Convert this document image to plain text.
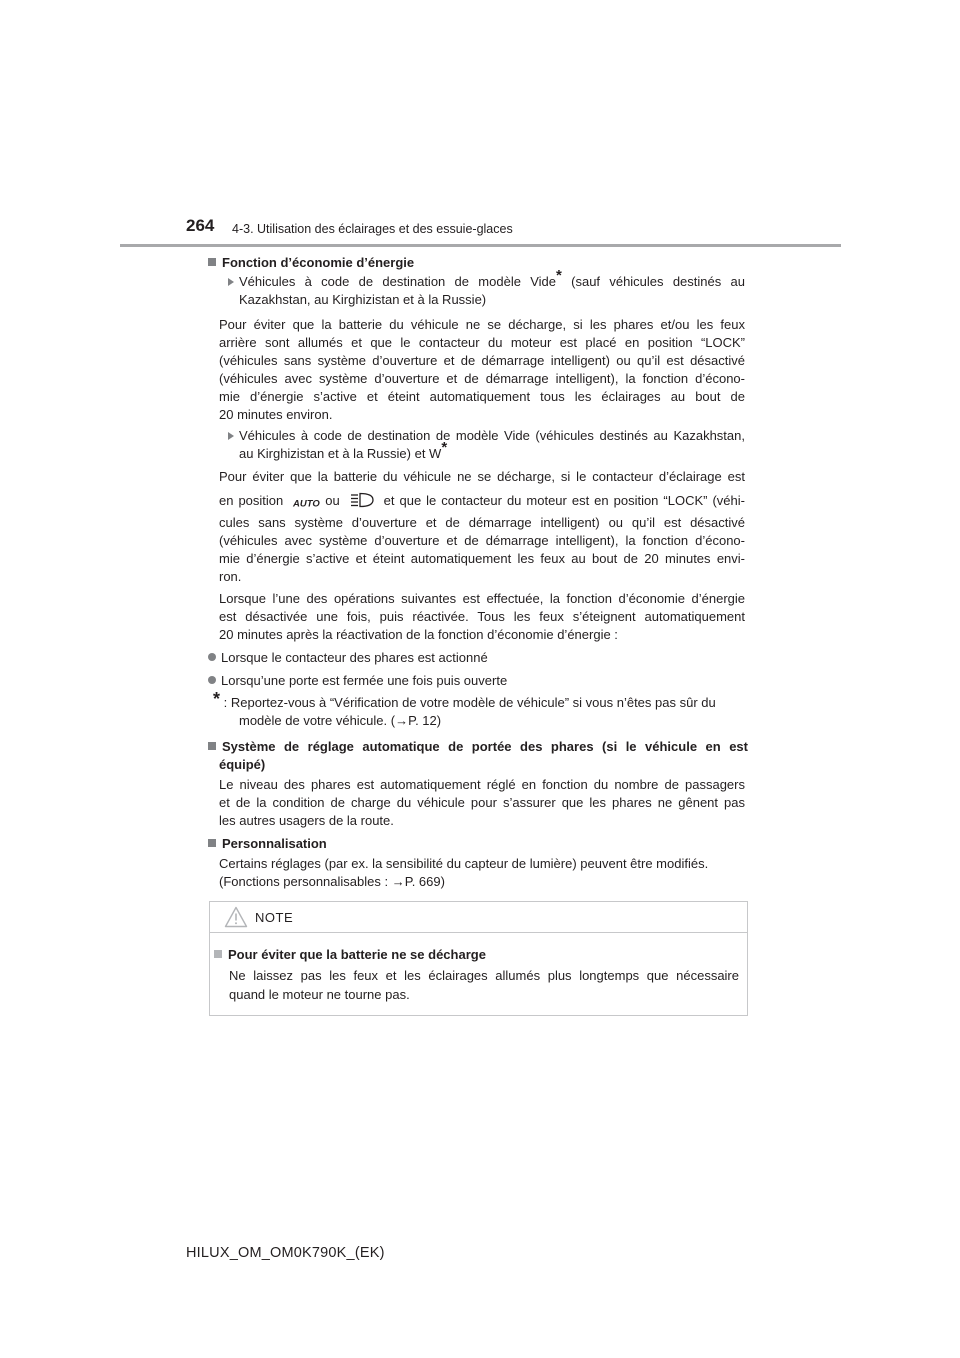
264 4-3. Utilisation des éclairages et des essuie-glaces
Fonction d’économie d’énergie
Véhicules à code de destination de modèle Vide* (sauf véhicules destinés au
Kazakhstan, au Kirghizistan et à la Russie)
Pour éviter que la batterie du véhicule ne se décharge, si les phares et/ou les feux
arrière sont allumés et que le contacteur du moteur est placé en position “LOCK”
(véhicules sans système d’ouverture et de démarrage intelligent) ou qu’il est désactivé
(véhicules avec système d’ouverture et de démarrage intelligent), la fonction d’écono-
mie d’énergie s’active et éteint automatiquement tous les éclairages au bout de
20 minutes environ.
Véhicules à code de destination de modèle Vide (véhicules destinés au Kazakhstan,
au Kirghizistan et à la Russie) et W*
Pour éviter que la batterie du véhicule ne se décharge, si le contacteur d’éclairage est
en position AUTO ou	et que le contacteur du moteur est en position “LOCK” (véhi-
cules sans système d’ouverture et de démarrage intelligent) ou qu’il est désactivé
(véhicules avec système d’ouverture et de démarrage intelligent), la fonction d’écono-
mie d’énergie s’active et éteint automatiquement les feux au bout de 20 minutes envi-
ron.
Lorsque l’une des opérations suivantes est effectuée, la fonction d’économie d’énergie
est désactivée une fois, puis réactivée. Tous les feux s’éteignent automatiquement
20 minutes après la réactivation de la fonction d’économie d’énergie :
Lorsque le contacteur des phares est actionné
Lorsqu’une porte est fermée une fois puis ouverte
* : Reportez-vous à “Vérification de votre modèle de véhicule” si vous n’êtes pas sûr du
modèle de votre véhicule. (→P. 12)
Système de réglage automatique de portée des phares (si le véhicule en est
équipé)
Le niveau des phares est automatiquement réglé en fonction du nombre de passagers
et de la condition de charge du véhicule pour s’assurer que les phares ne gênent pas
les autres usagers de la route.
Personnalisation
Certains réglages (par ex. la sensibilité du capteur de lumière) peuvent être modifiés.
(Fonctions personnalisables : →P. 669)
NOTE
Pour éviter que la batterie ne se décharge
Ne laissez pas les feux et les éclairages allumés plus longtemps que nécessaire
quand le moteur ne tourne pas.
HILUX_OM_OM0K790K_(EK)
